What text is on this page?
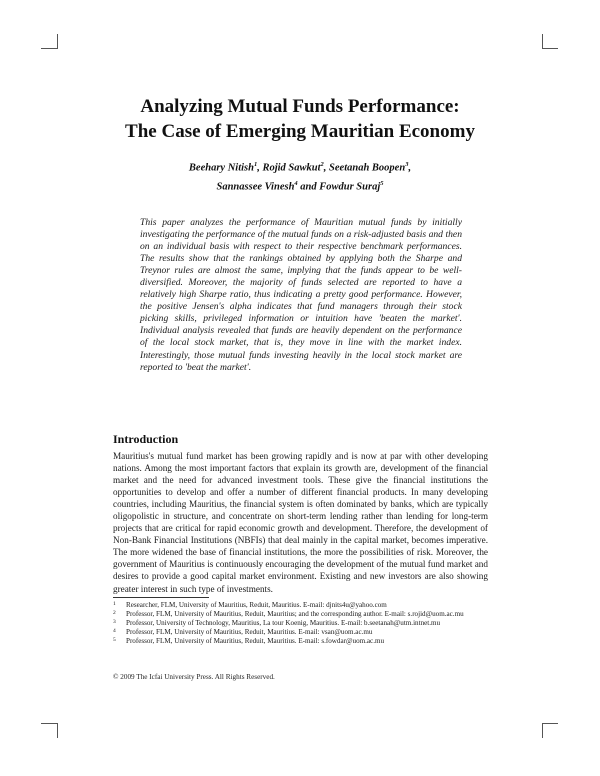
Analyzing Mutual Funds Performance:
The Case of Emerging Mauritian Economy
Beehary Nitish$^1$, Rojid Sawkut$^2$, Seetanah Boopen$^3$,
Sannassee Vinesh$^4$ and Fowdur Suraj$^5$
This paper analyzes the performance of Mauritian mutual funds by initially investigating the performance of the mutual funds on a risk-adjusted basis and then on an individual basis with respect to their respective benchmark performances. The results show that the rankings obtained by applying both the Sharpe and Treynor rules are almost the same, implying that the funds appear to be well-diversified. Moreover, the majority of funds selected are reported to have a relatively high Sharpe ratio, thus indicating a pretty good performance. However, the positive Jensen's alpha indicates that fund managers through their stock picking skills, privileged information or intuition have 'beaten the market'. Individual analysis revealed that funds are heavily dependent on the performance of the local stock market, that is, they move in line with the market index. Interestingly, those mutual funds investing heavily in the local stock market are reported to 'beat the market'.
Introduction
Mauritius's mutual fund market has been growing rapidly and is now at par with other developing nations. Among the most important factors that explain its growth are, development of the financial market and the need for advanced investment tools. These give the financial institutions the opportunities to develop and offer a number of different financial products. In many developing countries, including Mauritius, the financial system is often dominated by banks, which are typically oligopolistic in structure, and concentrate on short-term lending rather than lending for long-term projects that are critical for rapid economic growth and development. Therefore, the development of Non-Bank Financial Institutions (NBFIs) that deal mainly in the capital market, becomes imperative. The more widened the base of financial institutions, the more the possibilities of risk. Moreover, the government of Mauritius is continuously encouraging the development of the mutual fund market and desires to provide a good capital market environment. Existing and new investors are also showing greater interest in such type of investments.
1 Researcher, FLM, University of Mauritius, Reduit, Mauritius. E-mail: djnits4u@yahoo.com
2 Professor, FLM, University of Mauritius, Reduit, Mauritius; and the corresponding author. E-mail: s.rojid@uom.ac.mu
3 Professor, University of Technology, Mauritius, La tour Koenig, Mauritius. E-mail: b.seetanah@utm.intnet.mu
4 Professor, FLM, University of Mauritius, Reduit, Mauritius. E-mail: vsan@uom.ac.mu
5 Professor, FLM, University of Mauritius, Reduit, Mauritius. E-mail: s.fowdar@uom.ac.mu
© 2009 The Icfai University Press. All Rights Reserved.
